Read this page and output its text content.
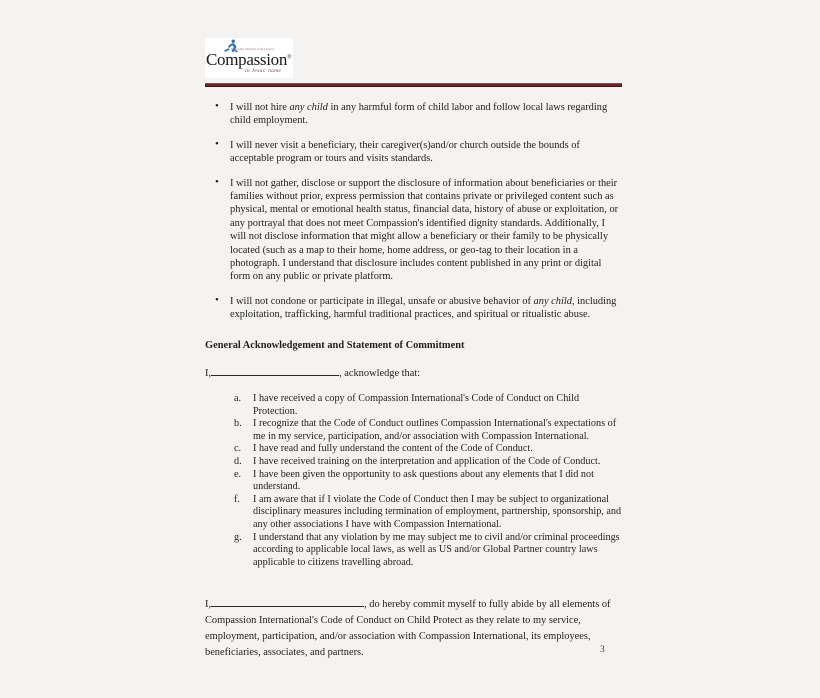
Releasing children from poverty
Compassion®
in Jesus' name
• I will not hire any child in any harmful form of child labor and follow local laws regarding child employment.
• I will never visit a beneficiary, their caregiver(s)and/or church outside the bounds of acceptable program or tours and visits standards.
• I will not gather, disclose or support the disclosure of information about beneficiaries or their families without prior, express permission that contains private or privileged content such as physical, mental or emotional health status, financial data, history of abuse or exploitation, or any portrayal that does not meet Compassion's identified dignity standards. Additionally, I will not disclose information that might allow a beneficiary or their family to be physically located (such as a map to their home, home address, or geo-tag to their location in a photograph. I understand that disclosure includes content published in any print or digital form on any public or private platform.
• I will not condone or participate in illegal, unsafe or abusive behavior of any child, including exploitation, trafficking, harmful traditional practices, and spiritual or ritualistic abuse.
General Acknowledgement and Statement of Commitment
I,	, acknowledge that:
I have received a copy of Compassion International's Code of Conduct on Child Protection.
I recognize that the Code of Conduct outlines Compassion International's expectations of me in my service, participation, and/or association with Compassion International.
I have read and fully understand the content of the Code of Conduct.
I have received training on the interpretation and application of the Code of Conduct.
I have been given the opportunity to ask questions about any elements that I did not understand.
I am aware that if I violate the Code of Conduct then I may be subject to organizational disciplinary measures including termination of employment, partnership, sponsorship, and any other associations I have with Compassion International.
I understand that any violation by me may subject me to civil and/or criminal proceedings according to applicable local laws, as well as US and/or Global Partner country laws applicable to citizens travelling abroad.
I,	, do hereby commit myself to fully abide by all elements of Compassion International's Code of Conduct on Child Protect as they relate to my service, employment, participation, and/or association with Compassion International, its employees, beneficiaries, associates, and partners.	3
